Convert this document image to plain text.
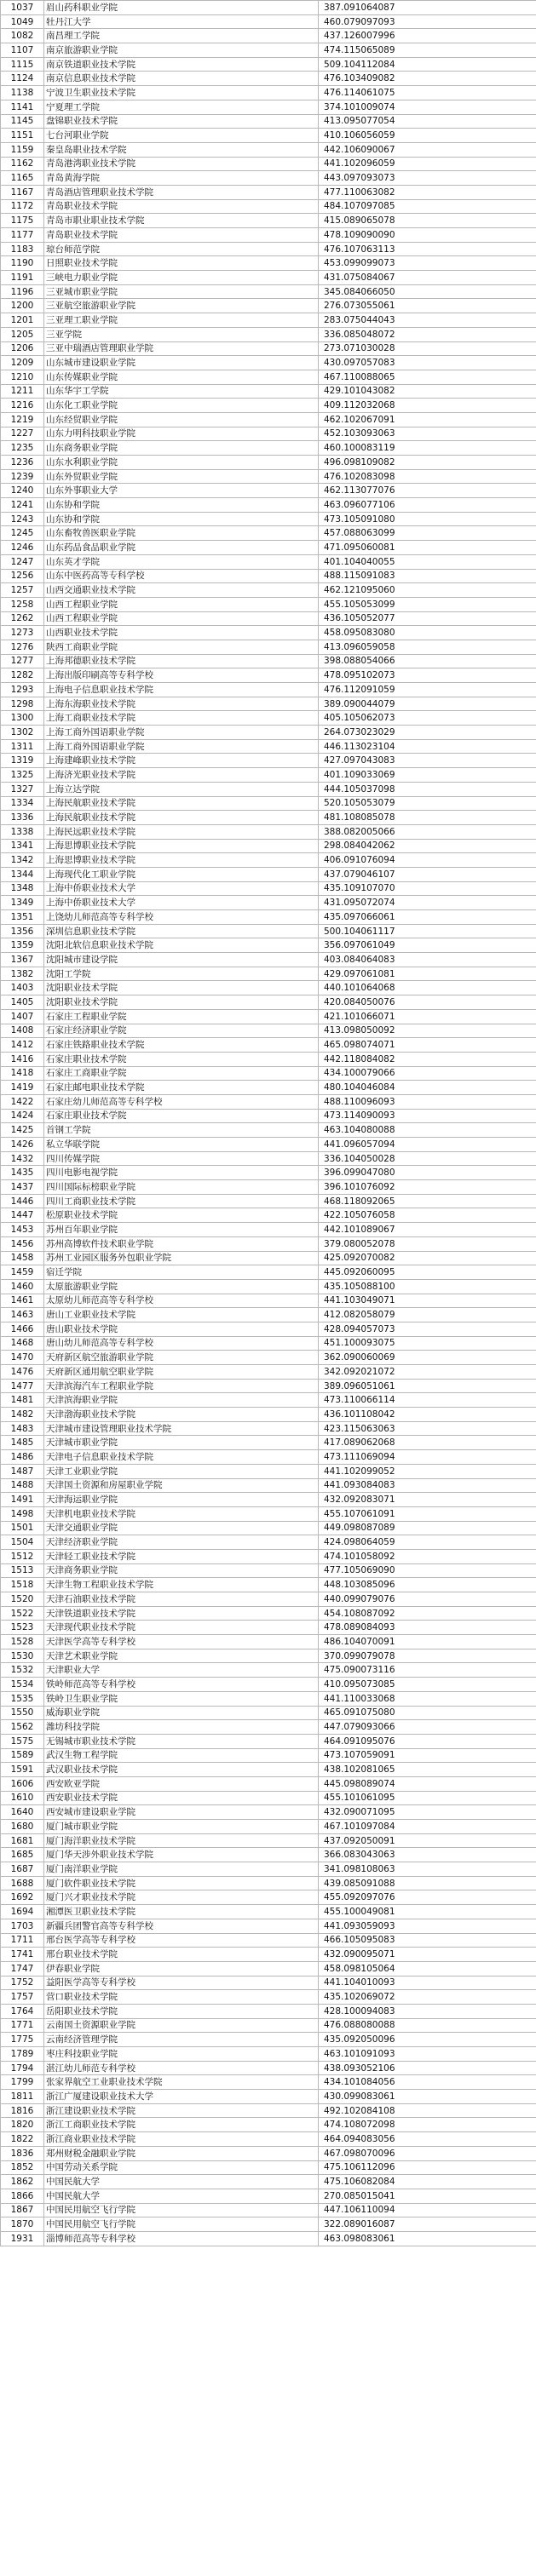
1037	眉山药科职业学院	387.091064087
1049	牡丹江大学	460.079097093
1082	南昌理工学院	437.126007996
1107	南京旅游职业学院	474.115065089
1115	南京铁道职业技术学院	509.104112084
1124	南京信息职业技术学院	476.103409082
1138	宁波卫生职业技术学院	476.114061075
1141	宁夏理工学院	374.101009074
1145	盘锦职业技术学院	413.095077054
1151	七台河职业学院	410.106056059
1159	秦皇岛职业技术学院	442.106090067
1162	青岛港湾职业技术学院	441.102096059
1165	青岛黄海学院	443.097093073
1167	青岛酒店管理职业技术学院	477.110063082
1172	青岛职业技术学院	484.107097085
1175	青岛市职业职业技术学院	415.089065078
1177	青岛职业技术学院	478.109090090
1183	琼台师范学院	476.107063113
1190	日照职业技术学院	453.099099073
1191	三峡电力职业学院	431.075084067
1196	三亚城市职业学院	345.084066050
1200	三亚航空旅游职业学院	276.073055061
1201	三亚理工职业学院	283.075044043
1205	三亚学院	336.085048072
1206	三亚中瑞酒店管理职业学院	273.071030028
1209	山东城市建设职业学院	430.097057083
1210	山东传媒职业学院	467.110088065
1211	山东华宇工学院	429.101043082
1216	山东化工职业学院	409.112032068
1219	山东经贸职业学院	462.102067091
1227	山东力明科技职业学院	452.103093063
1235	山东商务职业学院	460.100083119
1236	山东水利职业学院	496.098109082
1239	山东外贸职业学院	476.102083098
1240	山东外事职业大学	462.113077076
1241	山东协和学院	463.096077106
1243	山东协和学院	473.105091080
1245	山东畜牧兽医职业学院	457.088063099
1246	山东药品食品职业学院	471.095060081
1247	山东英才学院	401.104040055
1256	山东中医药高等专科学校	488.115091083
1257	山西交通职业技术学院	462.121095060
1258	山西工程职业学院	455.105053099
1262	山西工程职业学院	436.105052077
1273	山西职业技术学院	458.095083080
1276	陕西工商职业学院	413.096059058
1277	上海邦德职业技术学院	398.088054066
1282	上海出版印刷高等专科学校	478.095102073
1293	上海电子信息职业技术学院	476.112091059
1298	上海东海职业技术学院	389.090044079
1300	上海工商职业技术学院	405.105062073
1302	上海工商外国语职业学院	264.073023029
1311	上海工商外国语职业学院	446.113023104
1319	上海建峰职业技术学院	427.097043083
1325	上海济光职业技术学院	401.109033069
1327	上海立达学院	444.105037098
1334	上海民航职业技术学院	520.105053079
1336	上海民航职业技术学院	481.108085078
1338	上海民远职业技术学院	388.082005066
1341	上海思博职业技术学院	298.084042062
1342	上海思博职业技术学院	406.091076094
1344	上海现代化工职业学院	437.079046107
1348	上海中侨职业技术大学	435.109107070
1349	上海中侨职业技术大学	431.095072074
1351	上饶幼儿师范高等专科学校	435.097066061
1356	深圳信息职业技术学院	500.104061117
1359	沈阳北软信息职业技术学院	356.097061049
1367	沈阳城市建设学院	403.084064083
1382	沈阳工学院	429.097061081
1403	沈阳职业技术学院	440.101064068
1405	沈阳职业技术学院	420.084050076
1407	石家庄工程职业学院	421.101066071
1408	石家庄经济职业学院	413.098050092
1412	石家庄铁路职业技术学院	465.098074071
1416	石家庄职业技术学院	442.118084082
1418	石家庄工商职业学院	434.100079066
1419	石家庄邮电职业技术学院	480.104046084
1422	石家庄幼儿师范高等专科学校	488.110096093
1424	石家庄职业技术学院	473.114090093
1425	首钢工学院	463.104080088
1426	私立华联学院	441.096057094
1432	四川传媒学院	336.104050028
1435	四川电影电视学院	396.099047080
1437	四川国际标榜职业学院	396.101076092
1446	四川工商职业技术学院	468.118092065
1447	松原职业技术学院	422.105076058
1453	苏州百年职业学院	442.101089067
1456	苏州高博软件技术职业学院	379.080052078
1458	苏州工业园区服务外包职业学院	425.092070082
1459	宿迁学院	445.092060095
1460	太原旅游职业学院	435.105088100
1461	太原幼儿师范高等专科学校	441.103049071
1463	唐山工业职业技术学院	412.082058079
1466	唐山职业技术学院	428.094057073
1468	唐山幼儿师范高等专科学校	451.100093075
1470	天府新区航空旅游职业学院	362.090060069
1476	天府新区通用航空职业学院	342.092021072
1477	天津滨海汽车工程职业学院	389.096051061
1481	天津滨海职业学院	473.110066114
1482	天津渤海职业技术学院	436.101108042
1483	天津城市建设管理职业技术学院	423.115063063
1485	天津城市职业学院	417.089062068
1486	天津电子信息职业技术学院	473.111069094
1487	天津工业职业学院	441.102099052
1488	天津国土资源和房屋职业学院	441.093084083
1491	天津海运职业学院	432.092083071
1498	天津机电职业技术学院	455.107061091
1501	天津交通职业学院	449.098087089
1504	天津经济职业学院	424.098064059
1512	天津轻工职业技术学院	474.101058092
1513	天津商务职业学院	477.105069090
1518	天津生物工程职业技术学院	448.103085096
1520	天津石油职业技术学院	440.099079076
1522	天津铁道职业技术学院	454.108087092
1523	天津现代职业技术学院	478.089084093
1528	天津医学高等专科学校	486.104070091
1530	天津艺术职业学院	370.099079078
1532	天津职业大学	475.090073116
1534	铁岭师范高等专科学校	410.095073085
1535	铁岭卫生职业学院	441.110033068
1550	威海职业学院	465.091075080
1562	潍坊科技学院	447.079093066
1575	无锡城市职业技术学院	464.091095076
1589	武汉生物工程学院	473.107059091
1591	武汉职业技术学院	438.102081065
1606	西安欧亚学院	445.098089074
1610	西安职业技术学院	455.101061095
1640	西安城市建设职业学院	432.090071095
1680	厦门城市职业学院	467.101097084
1681	厦门海洋职业技术学院	437.092050091
1685	厦门华天涉外职业技术学院	366.083043063
1687	厦门南洋职业学院	341.098108063
1688	厦门软件职业技术学院	439.085091088
1692	厦门兴才职业技术学院	455.092097076
1694	湘潭医卫职业技术学院	455.100049081
1703	新疆兵团警官高等专科学校	441.093059093
1711	邢台医学高等专科学校	466.105095083
1741	邢台职业技术学院	432.090095071
1747	伊春职业学院	458.098105064
1752	益阳医学高等专科学校	441.104010093
1757	营口职业技术学院	435.102069072
1764	岳阳职业技术学院	428.100094083
1771	云南国土资源职业学院	476.088080088
1775	云南经济管理学院	435.092050096
1789	枣庄科技职业学院	463.101091093
1794	湛江幼儿师范专科学校	438.093052106
1799	张家界航空工业职业技术学院	434.101084056
1811	浙江广厦建设职业技术大学	430.099083061
1816	浙江建设职业技术学院	492.102084108
1820	浙江工商职业技术学院	474.108072098
1822	浙江商业职业技术学院	464.094083056
1836	郑州财税金融职业学院	467.098070096
1852	中国劳动关系学院	475.106112096
1862	中国民航大学	475.106082084
1866	中国民航大学	270.085015041
1867	中国民用航空飞行学院	447.106110094
1870	中国民用航空飞行学院	322.089016087
1931	淄博师范高等专科学校	463.098083061
